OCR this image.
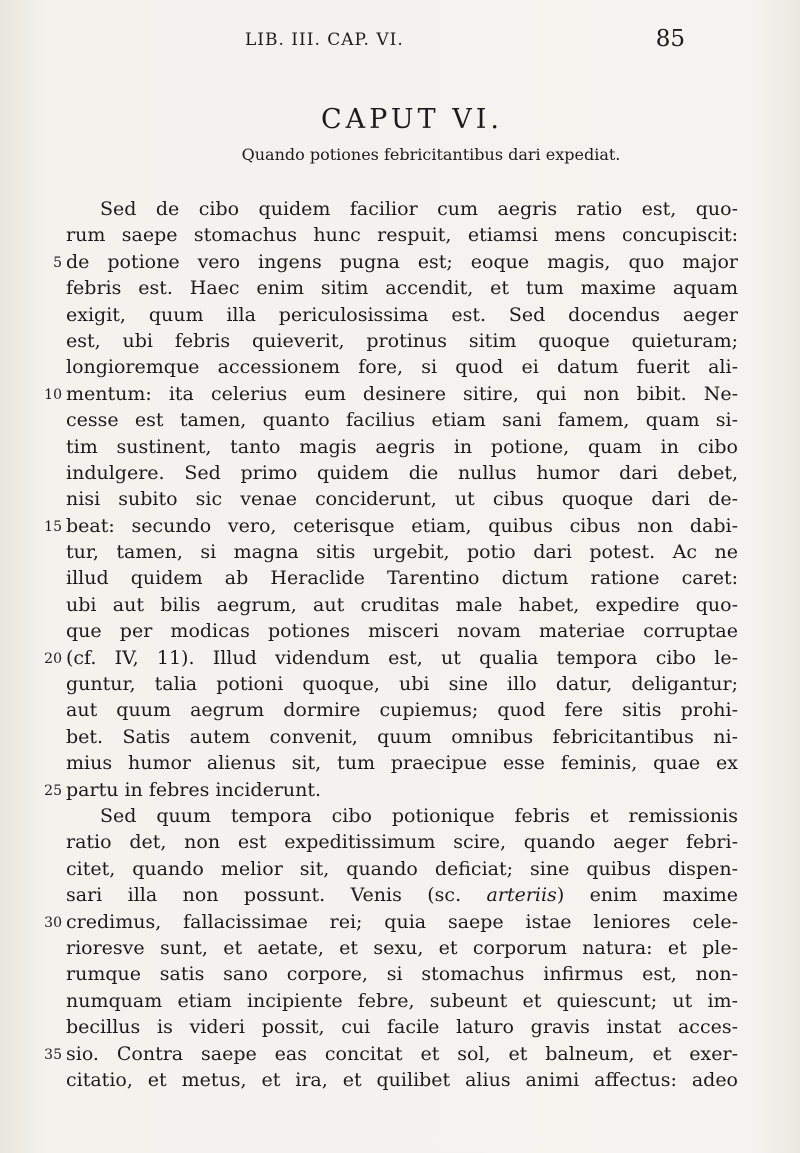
LIB. III. CAP. VI.	85
CAPUT VI.
Quando potiones febricitantibus dari expediat.
Sed de cibo quidem facilior cum aegris ratio est, quo-
rum saepe stomachus hunc respuit, etiamsi mens concupiscit:
5 de potione vero ingens pugna est; eoque magis, quo major
febris est. Haec enim sitim accendit, et tum maxime aquam
exigit, quum illa periculosissima est. Sed docendus aeger
est, ubi febris quieverit, protinus sitim quoque quieturam;
longioremque accessionem fore, si quod ei datum fuerit ali-
10 mentum: ita celerius eum desinere sitire, qui non bibit. Ne-
cesse est tamen, quanto facilius etiam sani famem, quam si-
tim sustinent, tanto magis aegris in potione, quam in cibo
indulgere. Sed primo quidem die nullus humor dari debet,
nisi subito sic venae conciderunt, ut cibus quoque dari de-
15 beat: secundo vero, ceterisque etiam, quibus cibus non dabi-
tur, tamen, si magna sitis urgebit, potio dari potest. Ac ne
illud quidem ab Heraclide Tarentino dictum ratione caret:
ubi aut bilis aegrum, aut cruditas male habet, expedire quo-
que per modicas potiones misceri novam materiae corruptae
20 (cf. IV, 11). Illud videndum est, ut qualia tempora cibo le-
guntur, talia potioni quoque, ubi sine illo datur, deligantur;
aut quum aegrum dormire cupiemus; quod fere sitis prohi-
bet. Satis autem convenit, quum omnibus febricitantibus ni-
mius humor alienus sit, tum praecipue esse feminis, quae ex
25 partu in febres inciderunt.
Sed quum tempora cibo potionique febris et remissionis
ratio det, non est expeditissimum scire, quando aeger febri-
citet, quando melior sit, quando deficiat; sine quibus dispen-
sari illa non possunt. Venis (sc. arteriis) enim maxime
30 credimus, fallacissimae rei; quia saepe istae leniores cele-
rioresve sunt, et aetate, et sexu, et corporum natura: et ple-
rumque satis sano corpore, si stomachus infirmus est, non-
numquam etiam incipiente febre, subeunt et quiescunt; ut im-
becillus is videri possit, cui facile laturo gravis instat acces-
35 sio. Contra saepe eas concitat et sol, et balneum, et exer-
citatio, et metus, et ira, et quilibet alius animi affectus: adeo
